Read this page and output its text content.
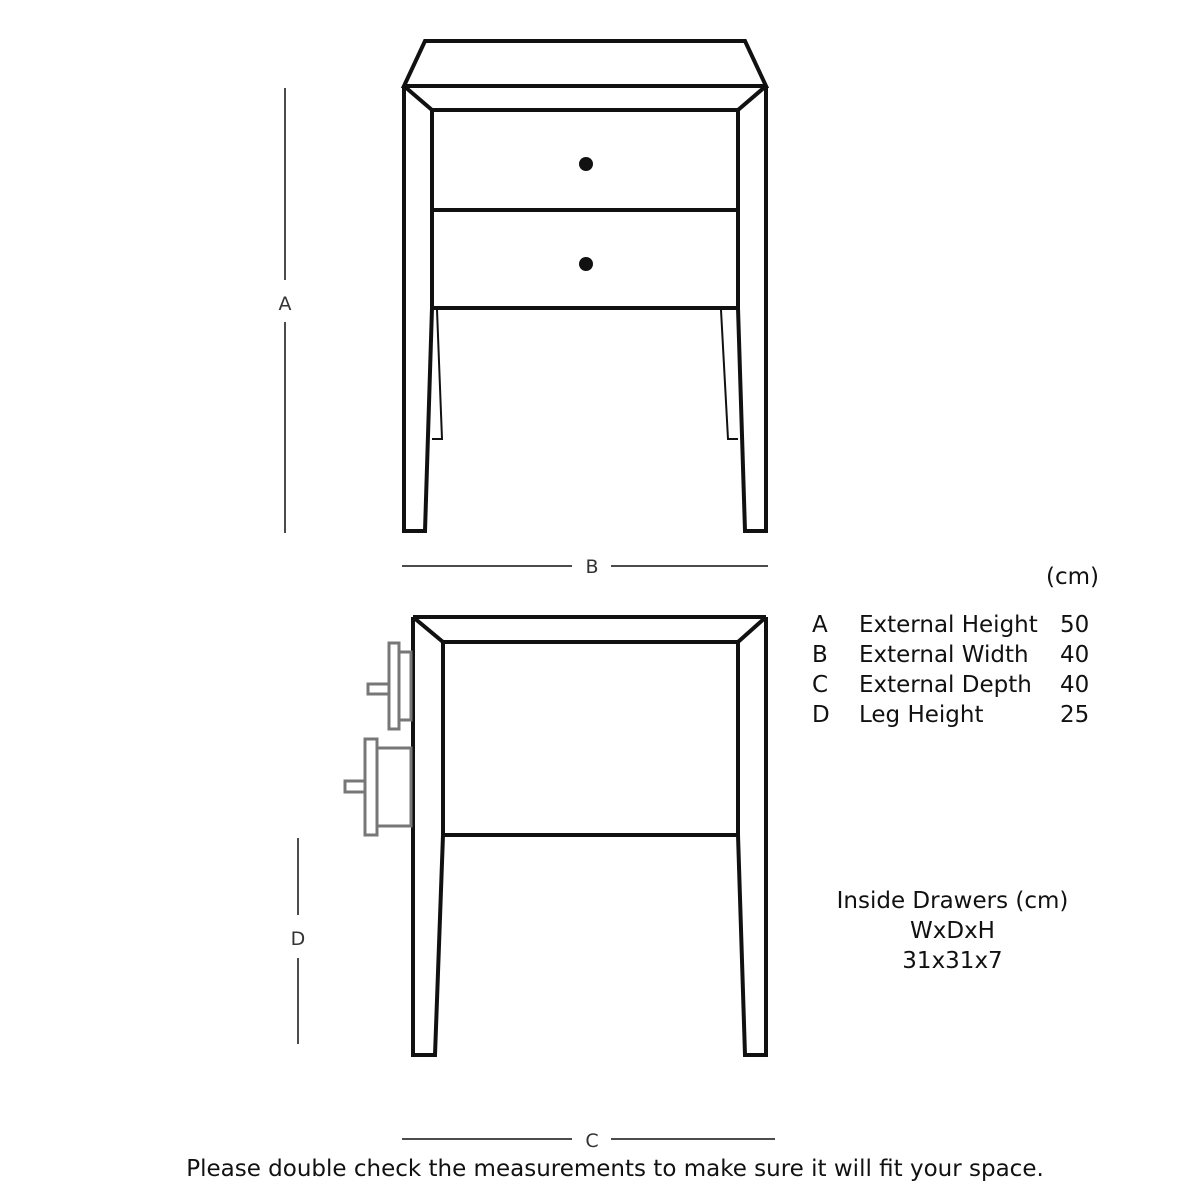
A
B
D
C
(cm)
A External Height 50
B External Width 40
C External Depth 40
D Leg Height	25
Inside Drawers (cm)
WxDxH
31x31x7
Please double check the measurements to make sure it will fit your space.
